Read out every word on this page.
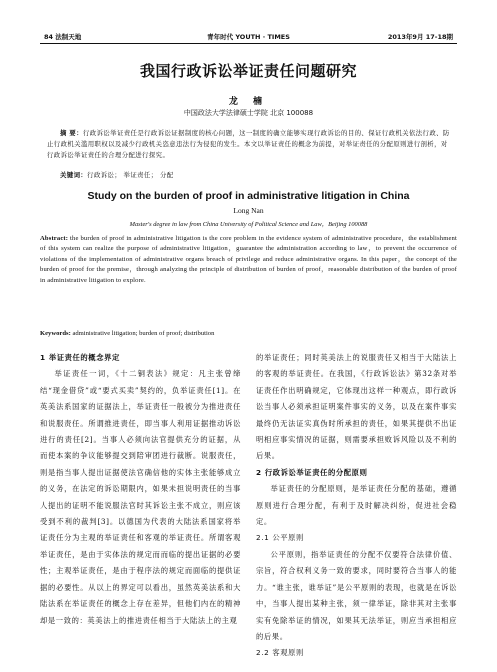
84 法制天地	青年时代 YOUTH · TIMES	2013年9月 17-18期
我国行政诉讼举证责任问题研究
龙 楠
中国政法大学法律硕士学院 北京 100088
摘 要：行政诉讼举证责任是行政诉讼证据制度的核心问题，这一制度的确立能够实现行政诉讼的目的、保证行政机关依法行政、防止行政机关滥用职权以及减少行政机关恣意违法行为侵犯的发生。本文以举证责任的概念为前提，对举证责任的分配原则进行剖析，对行政诉讼举证责任的合理分配进行探究。
关键词：行政诉讼； 举证责任； 分配
Study on the burden of proof in administrative litigation in China
Long Nan
Master's degree in law from China University of Political Science and Law，Beijing 100088
Abstract: the burden of proof in administrative litigation is the core problem in the evidence system of administrative procedure，the establishment of this system can realize the purpose of administrative litigation，guarantee the administration according to law，to prevent the occurrence of violations of the implementation of administrative organs breach of privilege and reduce administrative organs. In this paper，the concept of the burden of proof for the premise，through analyzing the principle of distribution of burden of proof，reasonable distribution of the burden of proof in administrative litigation to explore.
Keywords: administrative litigation; burden of proof; distribution
1 举证责任的概念界定

举证责任一词，《十二铜表法》规定：凡主张曾缔结“现金借贷”或“要式买卖”契约的，负举证责任[1]。在英美法系国家的证据法上，举证责任一般被分为推进责任和说服责任。所谓推进责任，即当事人利用证据推动诉讼进行的责任[2]。当事人必须向法官提供充分的证据，从而使本案的争议能够提交到陪审团进行裁断。说服责任，则是指当事人提出证据使法官确信他的实体主张能够成立的义务，在法定的诉讼期限内，如果未担说明责任的当事人提出的证明不能说服法官时其诉讼主张不成立，则应该受到不利的裁判[3]。以德国为代表的大陆法系国家将举证责任分为主观的举证责任和客观的举证责任。所谓客观举证责任，是由于实体法的规定而而临的提出证据的必要性；主观举证责任，是由于程序法的规定而面临的提供证据的必要性。从以上的界定可以看出，虽然英美法系和大陆法系在举证责任的概念上存在差异，但他们内在的精神却是一致的：英美法上的推进责任相当于大陆法上的主观

的举证责任；同时英美法上的说服责任又相当于大陆法上的客观的举证责任。在我国，《行政诉讼法》第32条对举证责任作出明确规定，它体现出这样一种观点，即行政诉讼当事人必须承担证明案件事实的义务，以及在案件事实最终仍无法证实真伪时所承担的责任，如果其提供不出证明相应事实情况的证据，则需要承担败诉风险以及不利的后果。

2 行政诉讼举证责任的分配原则

举证责任的分配原则，是举证责任分配的基础，遵循原则进行合理分配，有利于及时解决纠纷，促进社会稳定。

2.1 公平原则

公平原则，指举证责任的分配不仅要符合法律价值、宗旨，符合权利义务一致的要求，同时要符合当事人的能力。“谁主张，谁举证”是公平原则的表现，也就是在诉讼中，当事人提出某种主张，须一律举证，除非其对主张事实有免除举证的情况，如果其无法举证，则应当承担相应的后果。

2.2 客观原则
